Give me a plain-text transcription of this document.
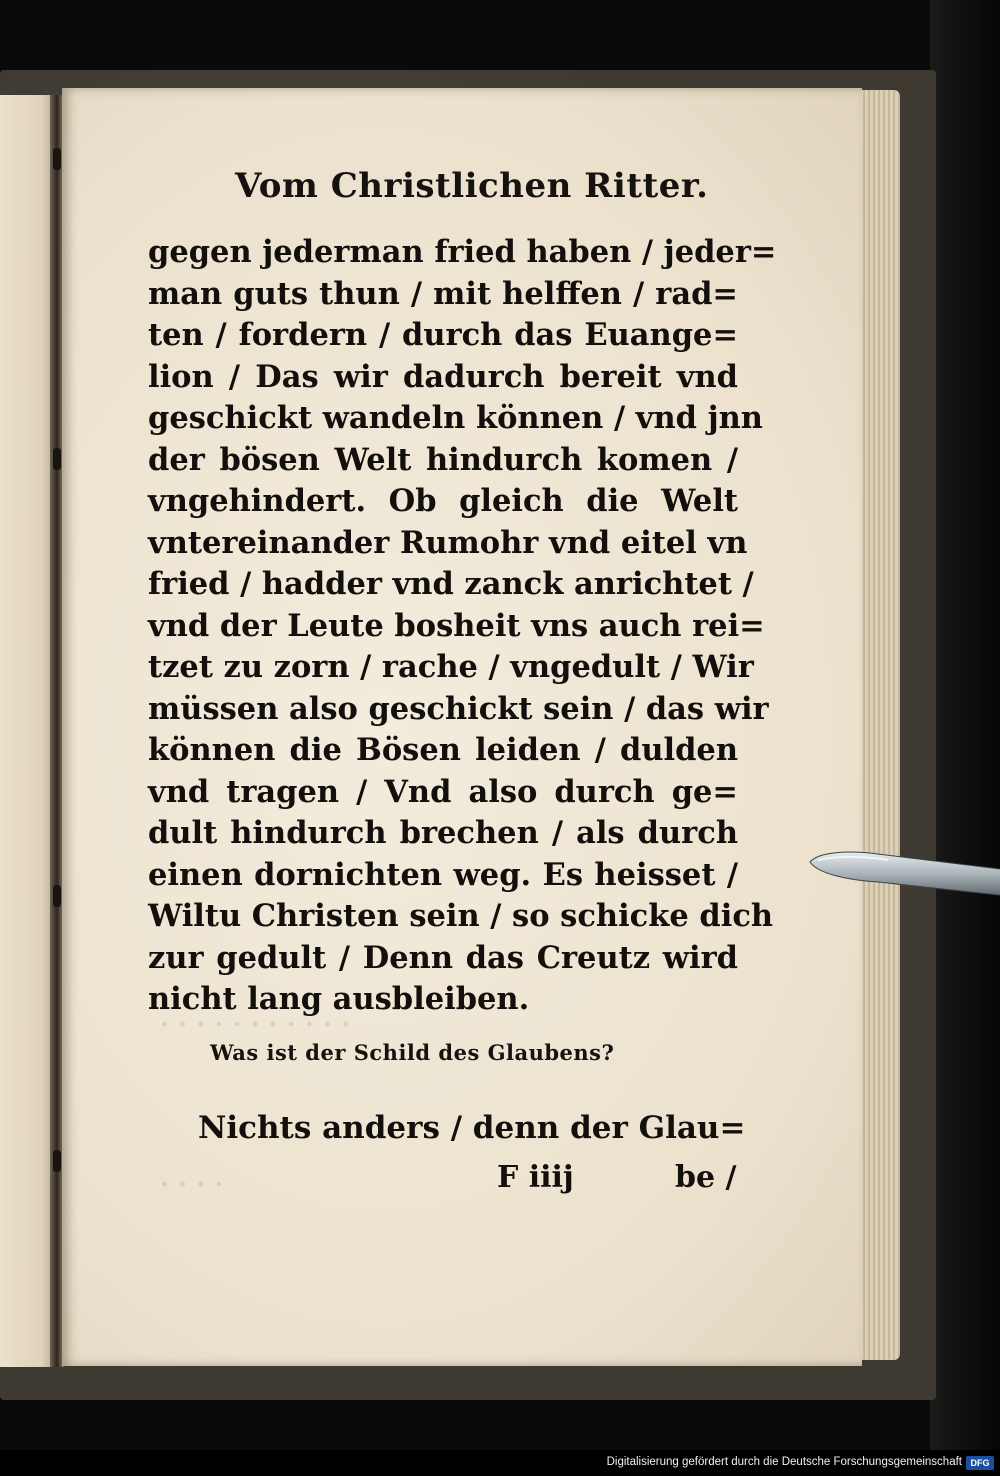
· · · · · · · · · · ·
· · · ·
Vom Christlichen Ritter.
gegen jederman fried haben / jeder=
man guts thun / mit helffen / rad=
ten / fordern / durch das Euange=
lion / Das wir dadurch bereit vnd
geschickt wandeln können / vnd jnn
der bösen Welt hindurch komen /
vngehindert. Ob gleich die Welt
vntereinander Rumohr vnd eitel vn
fried / hadder vnd zanck anrichtet /
vnd der Leute bosheit vns auch rei=
tzet zu zorn / rache / vngedult / Wir
müssen also geschickt sein / das wir
können die Bösen leiden / dulden
vnd tragen / Vnd also durch ge=
dult hindurch brechen / als durch
einen dornichten weg. Es heisset /
Wiltu Christen sein / so schicke dich
zur gedult / Denn das Creutz wird
nicht lang ausbleiben.
Was ist der Schild des Glaubens?
Nichts anders / denn der Glau=
F iiij	be /
Digitalisierung gefördert durch die Deutsche Forschungsgemeinschaft DFG
